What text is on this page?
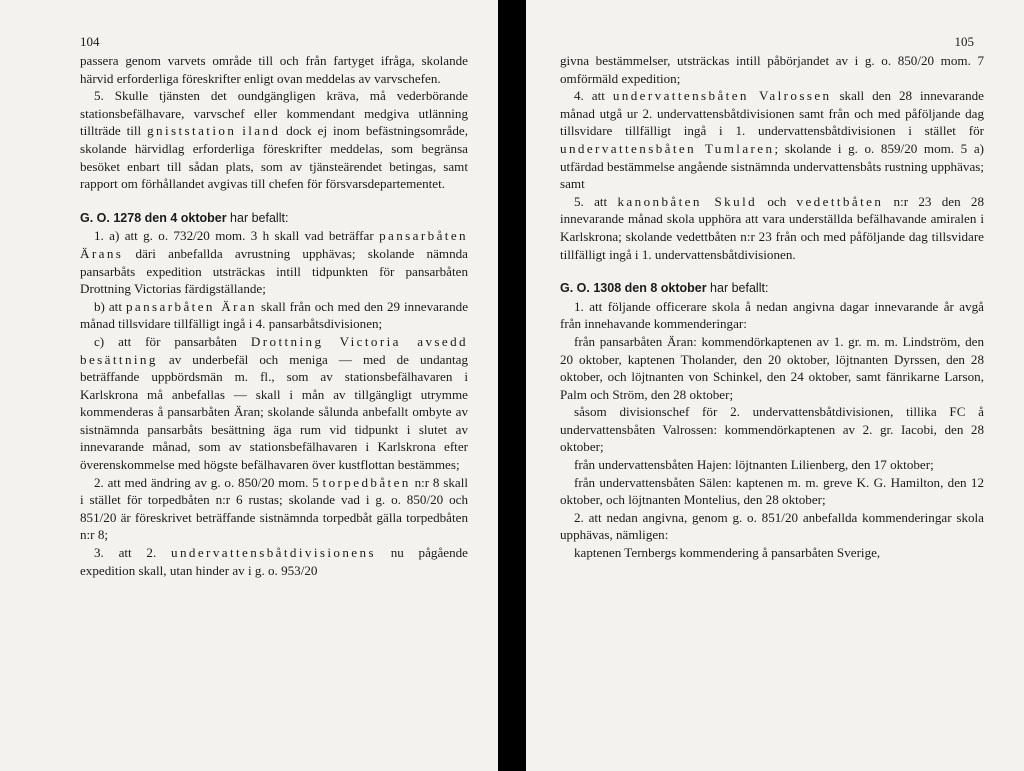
104

passera genom varvets område till och från fartyget ifråga, skolande härvid erforderliga föreskrifter enligt ovan meddelas av varvschefen.

5. Skulle tjänsten det oundgängligen kräva, må vederbörande stationsbefälhavare, varvschef eller kommendant medgiva utlänning tillträde till gniststation iland dock ej inom befästningsområde, skolande härvidlag erforderliga föreskrifter meddelas, som begränsa besöket enbart till sådan plats, som av tjänsteärendet betingas, samt rapport om förhållandet avgivas till chefen för försvarsdepartementet.

G. O. 1278 den 4 oktober har befallt:

1. a) att g. o. 732/20 mom. 3 h skall vad beträffar pansarbåten Ärans däri anbefallda avrustning upphävas; skolande nämnda pansarbåts expedition utsträckas intill tidpunkten för pansarbåten Drottning Victorias färdigställande;

b) att pansarbåten Äran skall från och med den 29 innevarande månad tillsvidare tillfälligt ingå i 4. pansarbåtsdivisionen;

c) att för pansarbåten Drottning Victoria avsedd besättning av underbefäl och meniga — med de undantag beträffande uppbördsmän m. fl., som av stationsbefälhavaren i Karlskrona må anbefallas — skall i mån av tillgängligt utrymme kommenderas å pansarbåten Äran; skolande sålunda anbefallt ombyte av sistnämnda pansarbåts besättning äga rum vid tidpunkt i slutet av innevarande månad, som av stationsbefälhavaren i Karlskrona efter överenskommelse med högste befälhavaren över kustflottan bestämmes;

2. att med ändring av g. o. 850/20 mom. 5 torpedbåten n:r 8 skall i stället för torpedbåten n:r 6 rustas; skolande vad i g. o. 850/20 och 851/20 är föreskrivet beträffande sistnämnda torpedbåt gälla torpedbåten n:r 8;

3. att 2. undervattensbåtdivisionens nu pågående expedition skall, utan hinder av i g. o. 953/20

105

givna bestämmelser, utsträckas intill påbörjandet av i g. o. 850/20 mom. 7 omförmäld expedition;

4. att undervattensbåten Valrossen skall den 28 innevarande månad utgå ur 2. undervattensbåtdivisionen samt från och med påföljande dag tillsvidare tillfälligt ingå i 1. undervattensbåtdivisionen i stället för undervattensbåten Tumlaren; skolande i g. o. 859/20 mom. 5 a) utfärdad bestämmelse angående sistnämnda undervattensbåts rustning upphävas; samt

5. att kanonbåten Skuld och vedettbåten n:r 23 den 28 innevarande månad skola upphöra att vara underställda befälhavande amiralen i Karlskrona; skolande vedettbåten n:r 23 från och med påföljande dag tillsvidare tillfälligt ingå i 1. undervattensbåtdivisionen.

G. O. 1308 den 8 oktober har befallt:

1. att följande officerare skola å nedan angivna dagar innevarande år avgå från innehavande kommenderingar:

från pansarbåten Äran: kommendörkaptenen av 1. gr. m. m. Lindström, den 20 oktober, kaptenen Tholander, den 20 oktober, löjtnanten Dyrssen, den 28 oktober, och löjtnanten von Schinkel, den 24 oktober, samt fänrikarne Larson, Palm och Ström, den 28 oktober;

såsom divisionschef för 2. undervattensbåtdivisionen, tillika FC å undervattensbåten Valrossen: kommendörkaptenen av 2. gr. Iacobi, den 28 oktober;

från undervattensbåten Hajen: löjtnanten Lilienberg, den 17 oktober;

från undervattensbåten Sälen: kaptenen m. m. greve K. G. Hamilton, den 12 oktober, och löjtnanten Montelius, den 28 oktober;

2. att nedan angivna, genom g. o. 851/20 anbefallda kommenderingar skola upphävas, nämligen:

kaptenen Ternbergs kommendering å pansarbåten Sverige,
